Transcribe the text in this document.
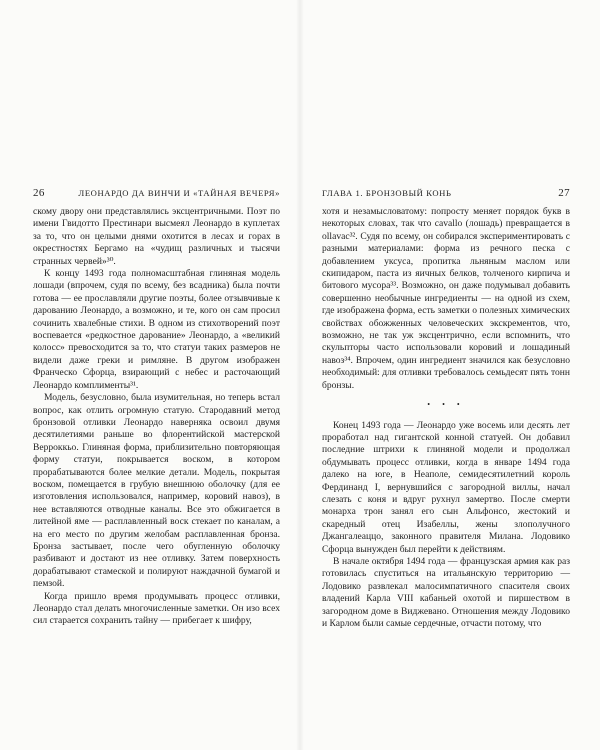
26	ЛЕОНАРДО ДА ВИНЧИ И «ТАЙНАЯ ВЕЧЕРЯ»

скому двору они представлялись эксцентричными. Поэт по имени Гвидотто Престинари высмеял Леонардо в куплетах за то, что он целыми днями охотится в лесах и горах в окрестностях Бергамо на «чудищ различных и тысячи странных червей»³⁰.

К концу 1493 года полномасштабная глиняная модель лошади (впрочем, судя по всему, без всадника) была почти готова — ее прославляли другие поэты, более отзывчивые к дарованию Леонардо, а возможно, и те, кого он сам просил сочинить хвалебные стихи. В одном из стихотворений поэт воспевается «редкостное дарование» Леонардо, а «великий колосс» превосходится за то, что статуи таких размеров не видели даже греки и римляне. В другом изображен Франческо Сфорца, взирающий с небес и расточающий Леонардо комплименты³¹.

Модель, безусловно, была изумительная, но теперь встал вопрос, как отлить огромную статую. Стародавний метод бронзовой отливки Леонардо наверняка освоил двумя десятилетиями раньше во флорентийской мастерской Верроккьо. Глиняная форма, приблизительно повторяющая форму статуи, покрывается воском, в котором прорабатываются более мелкие детали. Модель, покрытая воском, помещается в грубую внешнюю оболочку (для ее изготовления использовался, например, коровий навоз), в нее вставляются отводные каналы. Все это обжигается в литейной яме — расплавленный воск стекает по каналам, а на его место по другим желобам расплавленная бронза. Бронза застывает, после чего обугленную оболочку разбивают и достают из нее отливку. Затем поверхность дорабатывают стамеской и полируют наждачной бумагой и пемзой.

Когда пришло время продумывать процесс отливки, Леонардо стал делать многочисленные заметки. Он изо всех сил старается сохранить тайну — прибегает к шифру,

ГЛАВА 1. БРОНЗОВЫЙ КОНЬ	27

хотя и незамысловатому: попросту меняет порядок букв в некоторых словах, так что cavallo (лошадь) превращается в ollavac³². Судя по всему, он собирался экспериментировать с разными материалами: форма из речного песка с добавлением уксуса, пропитка льняным маслом или скипидаром, паста из яичных белков, толченого кирпича и битового мусора³³. Возможно, он даже подумывал добавить совершенно необычные ингредиенты — на одной из схем, где изображена форма, есть заметки о полезных химических свойствах обожженных человеческих экскрементов, что, возможно, не так уж эксцентрично, если вспомнить, что скульпторы часто использовали коровий и лошадиный навоз³⁴. Впрочем, один ингредиент значился как безусловно необходимый: для отливки требовалось семьдесят пять тонн бронзы.

• • •

Конец 1493 года — Леонардо уже восемь или десять лет проработал над гигантской конной статуей. Он добавил последние штрихи к глиняной модели и продолжал обдумывать процесс отливки, когда в январе 1494 года далеко на юге, в Неаполе, семидесятилетний король Фердинанд I, вернувшийся с загородной виллы, начал слезать с коня и вдруг рухнул замертво. После смерти монарха трон занял его сын Альфонсо, жестокий и скаредный отец Изабеллы, жены злополучного Джангалеаццо, законного правителя Милана. Лодовико Сфорца вынужден был перейти к действиям.

В начале октября 1494 года — французская армия как раз готовилась спуститься на итальянскую территорию — Лодовико развлекал малосимпатичного спасителя своих владений Карла VIII кабаньей охотой и пиршеством в загородном доме в Виджевано. Отношения между Лодовико и Карлом были самые сердечные, отчасти потому, что
